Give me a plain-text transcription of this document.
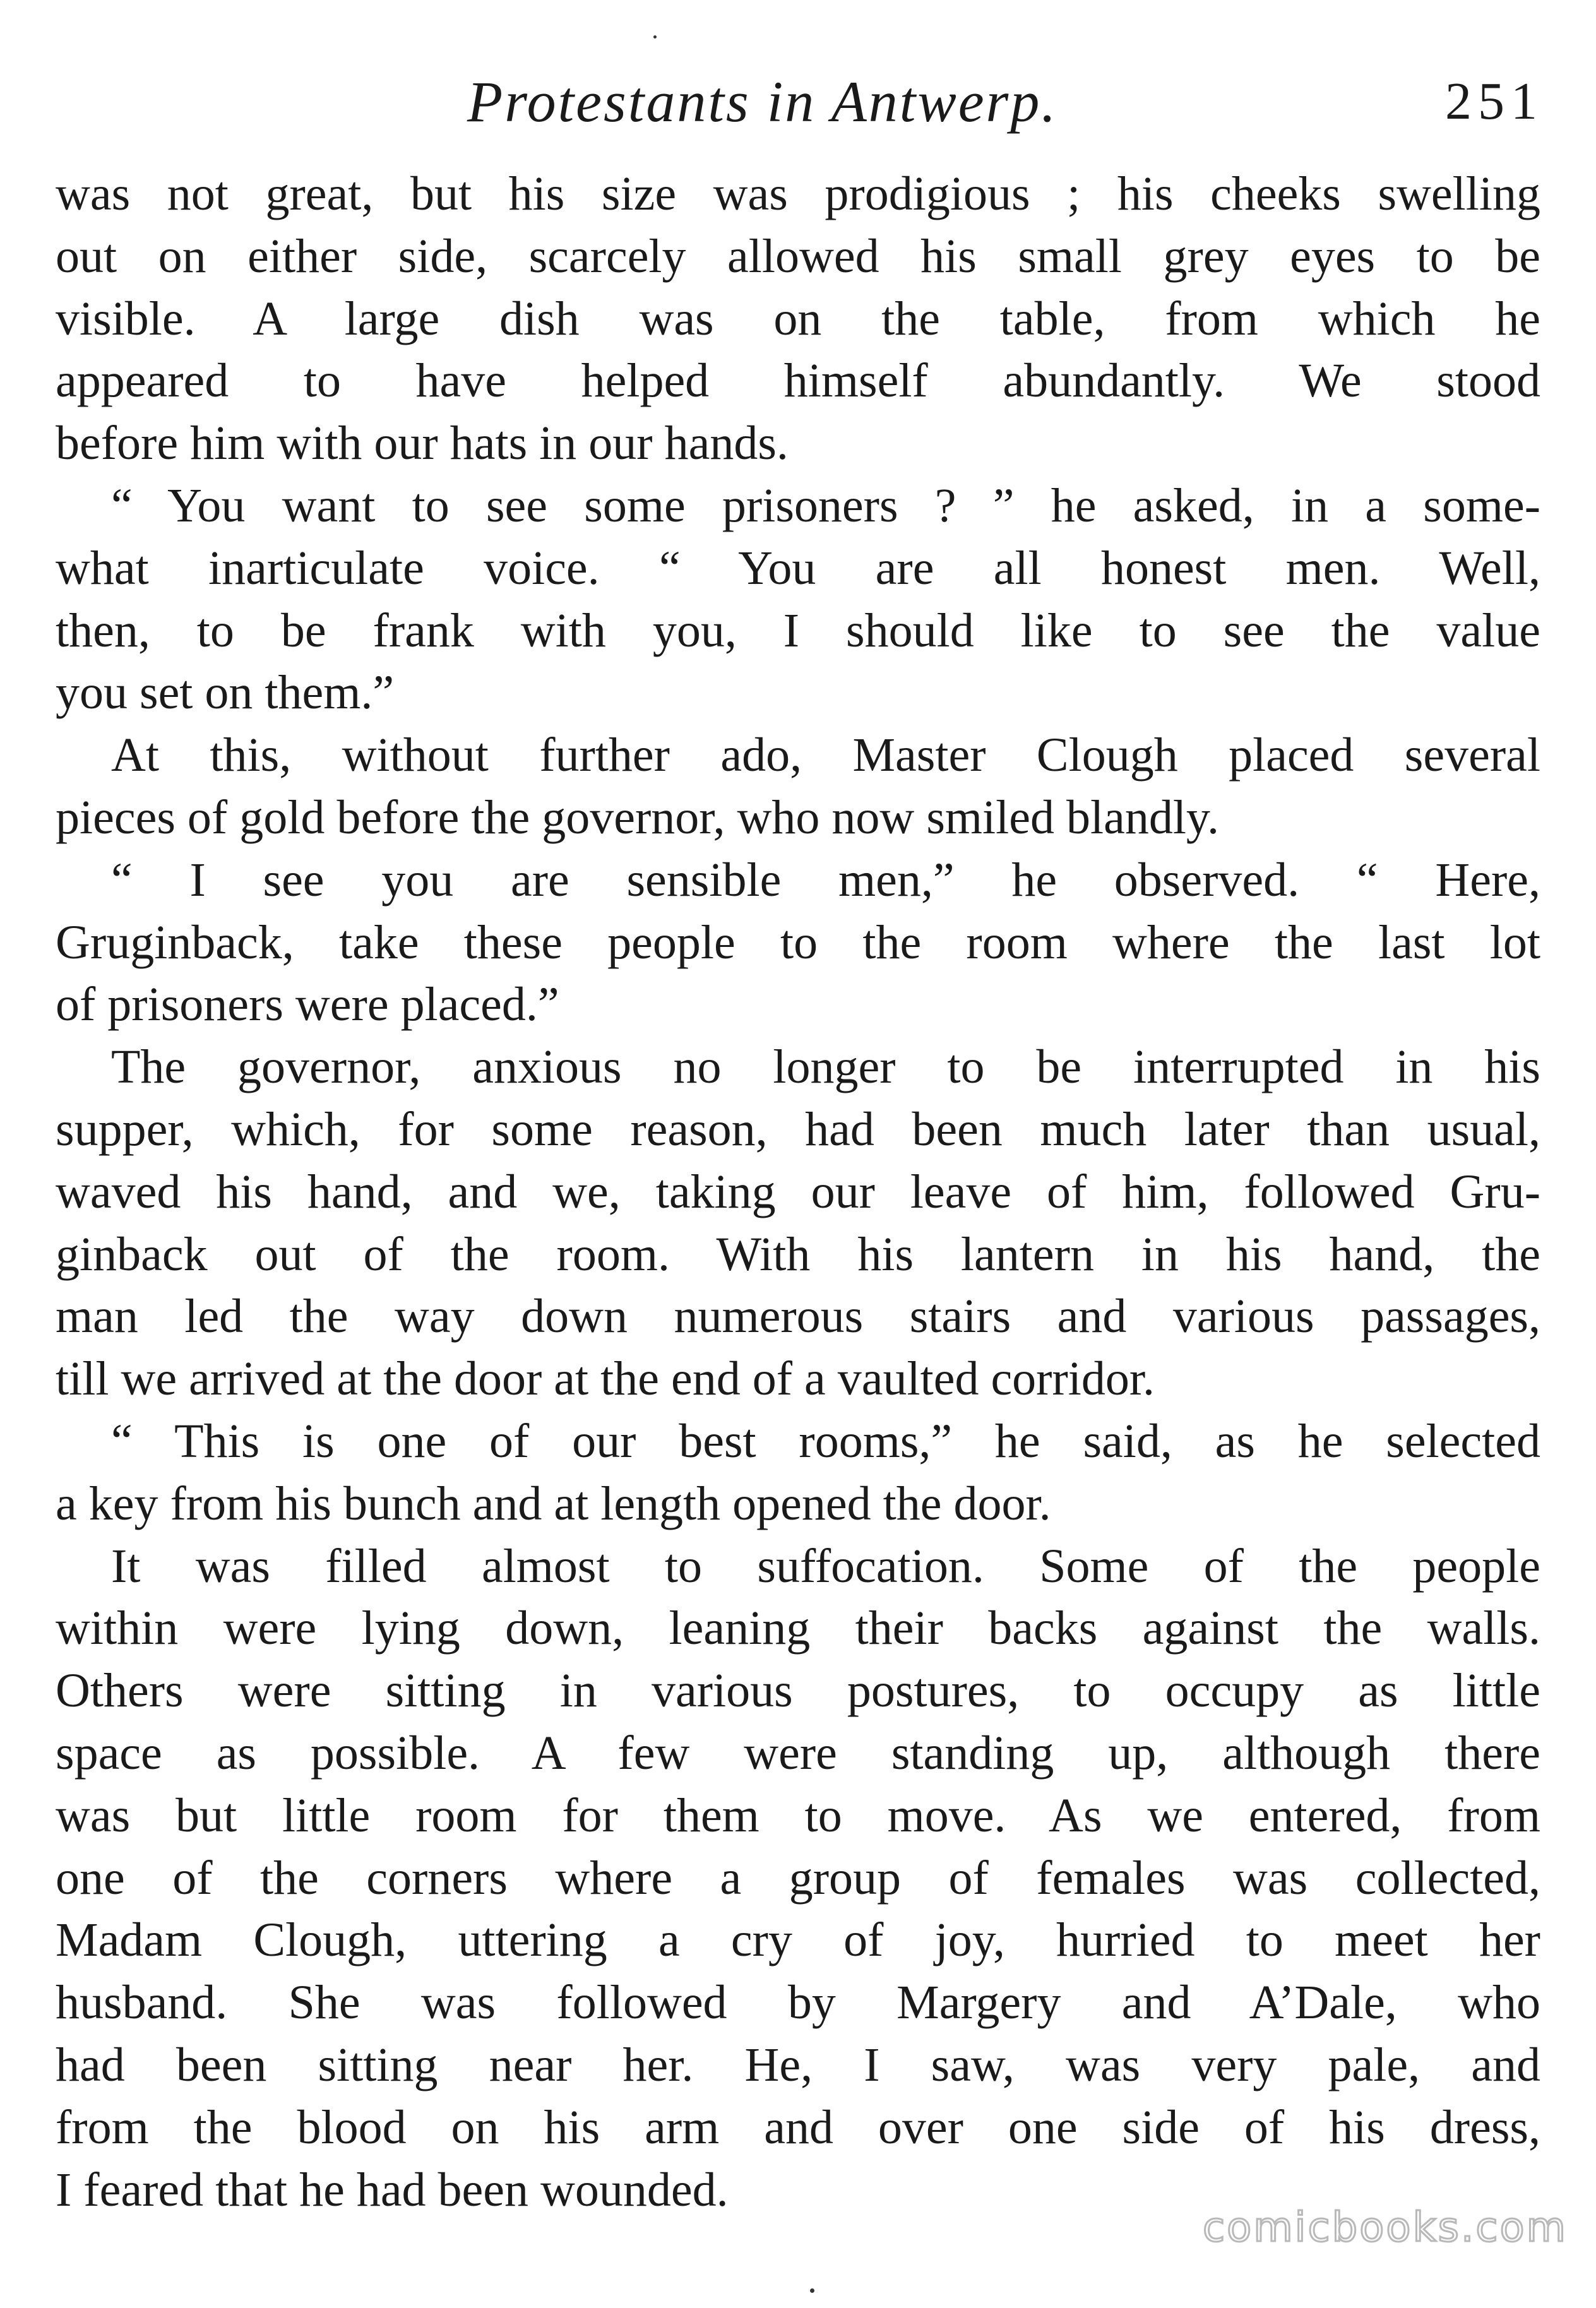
Protestants in Antwerp.	251
was not great, but his size was prodigious ; his cheeks swelling
out on either side, scarcely allowed his small grey eyes to be
visible. A large dish was on the table, from which he
appeared to have helped himself abundantly. We stood
before him with our hats in our hands.
“ You want to see some prisoners ? ” he asked, in a some-
what inarticulate voice. “ You are all honest men. Well,
then, to be frank with you, I should like to see the value
you set on them.”
At this, without further ado, Master Clough placed several
pieces of gold before the governor, who now smiled blandly.
“ I see you are sensible men,” he observed. “ Here,
Gruginback, take these people to the room where the last lot
of prisoners were placed.”
The governor, anxious no longer to be interrupted in his
supper, which, for some reason, had been much later than usual,
waved his hand, and we, taking our leave of him, followed Gru-
ginback out of the room. With his lantern in his hand, the
man led the way down numerous stairs and various passages,
till we arrived at the door at the end of a vaulted corridor.
“ This is one of our best rooms,” he said, as he selected
a key from his bunch and at length opened the door.
It was filled almost to suffocation. Some of the people
within were lying down, leaning their backs against the walls.
Others were sitting in various postures, to occupy as little
space as possible. A few were standing up, although there
was but little room for them to move. As we entered, from
one of the corners where a group of females was collected,
Madam Clough, uttering a cry of joy, hurried to meet her
husband. She was followed by Margery and A’Dale, who
had been sitting near her. He, I saw, was very pale, and
from the blood on his arm and over one side of his dress,
I feared that he had been wounded.
comicbooks.com
